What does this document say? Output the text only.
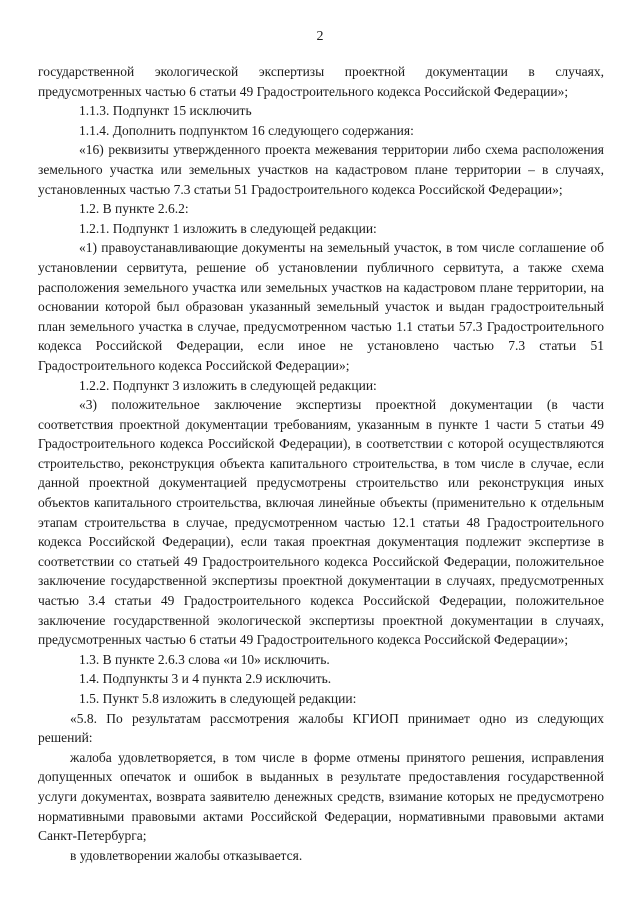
2

государственной экологической экспертизы проектной документации в случаях, предусмотренных частью 6 статьи 49 Градостроительного кодекса Российской Федерации»;

1.1.3. Подпункт 15 исключить

1.1.4. Дополнить подпунктом 16 следующего содержания:

«16) реквизиты утвержденного проекта межевания территории либо схема расположения земельного участка или земельных участков на кадастровом плане территории – в случаях, установленных частью 7.3 статьи 51 Градостроительного кодекса Российской Федерации»;

1.2. В пункте 2.6.2:

1.2.1. Подпункт 1 изложить в следующей редакции:

«1) правоустанавливающие документы на земельный участок, в том числе соглашение об установлении сервитута, решение об установлении публичного сервитута, а также схема расположения земельного участка или земельных участков на кадастровом плане территории, на основании которой был образован указанный земельный участок и выдан градостроительный план земельного участка в случае, предусмотренном частью 1.1 статьи 57.3 Градостроительного кодекса Российской Федерации, если иное не установлено частью 7.3 статьи 51 Градостроительного кодекса Российской Федерации»;

1.2.2. Подпункт 3 изложить в следующей редакции:

«3) положительное заключение экспертизы проектной документации (в части соответствия проектной документации требованиям, указанным в пункте 1 части 5 статьи 49 Градостроительного кодекса Российской Федерации), в соответствии с которой осуществляются строительство, реконструкция объекта капитального строительства, в том числе в случае, если данной проектной документацией предусмотрены строительство или реконструкция иных объектов капитального строительства, включая линейные объекты (применительно к отдельным этапам строительства в случае, предусмотренном частью 12.1 статьи 48 Градостроительного кодекса Российской Федерации), если такая проектная документация подлежит экспертизе в соответствии со статьей 49 Градостроительного кодекса Российской Федерации, положительное заключение государственной экспертизы проектной документации в случаях, предусмотренных частью 3.4 статьи 49 Градостроительного кодекса Российской Федерации, положительное заключение государственной экологической экспертизы проектной документации в случаях, предусмотренных частью 6 статьи 49 Градостроительного кодекса Российской Федерации»;

1.3. В пункте 2.6.3 слова «и 10» исключить.

1.4. Подпункты 3 и 4 пункта 2.9 исключить.

1.5. Пункт 5.8 изложить в следующей редакции:

«5.8. По результатам рассмотрения жалобы КГИОП принимает одно из следующих решений:

жалоба удовлетворяется, в том числе в форме отмены принятого решения, исправления допущенных опечаток и ошибок в выданных в результате предоставления государственной услуги документах, возврата заявителю денежных средств, взимание которых не предусмотрено нормативными правовыми актами Российской Федерации, нормативными правовыми актами Санкт-Петербурга;

в удовлетворении жалобы отказывается.
